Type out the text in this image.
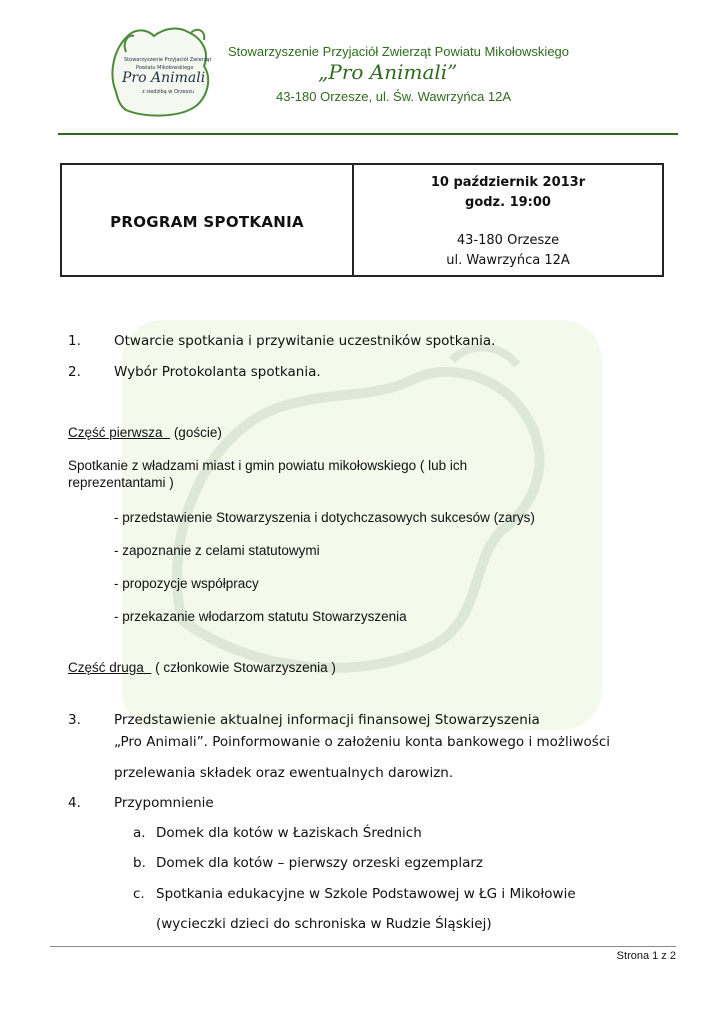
Stowarzyszenie Przyjaciół Zwierząt
Powiatu Mikołowskiego
Pro Animali
z siedzibą w Orzeszu
Stowarzyszenie Przyjaciół Zwierząt Powiatu Mikołowskiego
„Pro Animali”
43-180 Orzesze, ul. Św. Wawrzyńca 12A
PROGRAM SPOTKANIA
10 październik 2013r
godz. 19:00
43-180 Orzesze
ul. Wawrzyńca 12A
1. Otwarcie spotkania i przywitanie uczestników spotkania.
2. Wybór Protokolanta spotkania.
Część pierwsza (goście)
Spotkanie z władzami miast i gmin powiatu mikołowskiego ( lub ich
reprezentantami )
- przedstawienie Stowarzyszenia i dotychczasowych sukcesów (zarys)
- zapoznanie z celami statutowymi
- propozycje współpracy
- przekazanie włodarzom statutu Stowarzyszenia
Część druga ( członkowie Stowarzyszenia )
3. Przedstawienie aktualnej informacji finansowej Stowarzyszenia
„Pro Animali”. Poinformowanie o założeniu konta bankowego i możliwości
przelewania składek oraz ewentualnych darowizn.
4. Przypomnienie
a. Domek dla kotów w Łaziskach Średnich
b. Domek dla kotów – pierwszy orzeski egzemplarz
c. Spotkania edukacyjne w Szkole Podstawowej w ŁG i Mikołowie
(wycieczki dzieci do schroniska w Rudzie Śląskiej)
Strona 1 z 2
